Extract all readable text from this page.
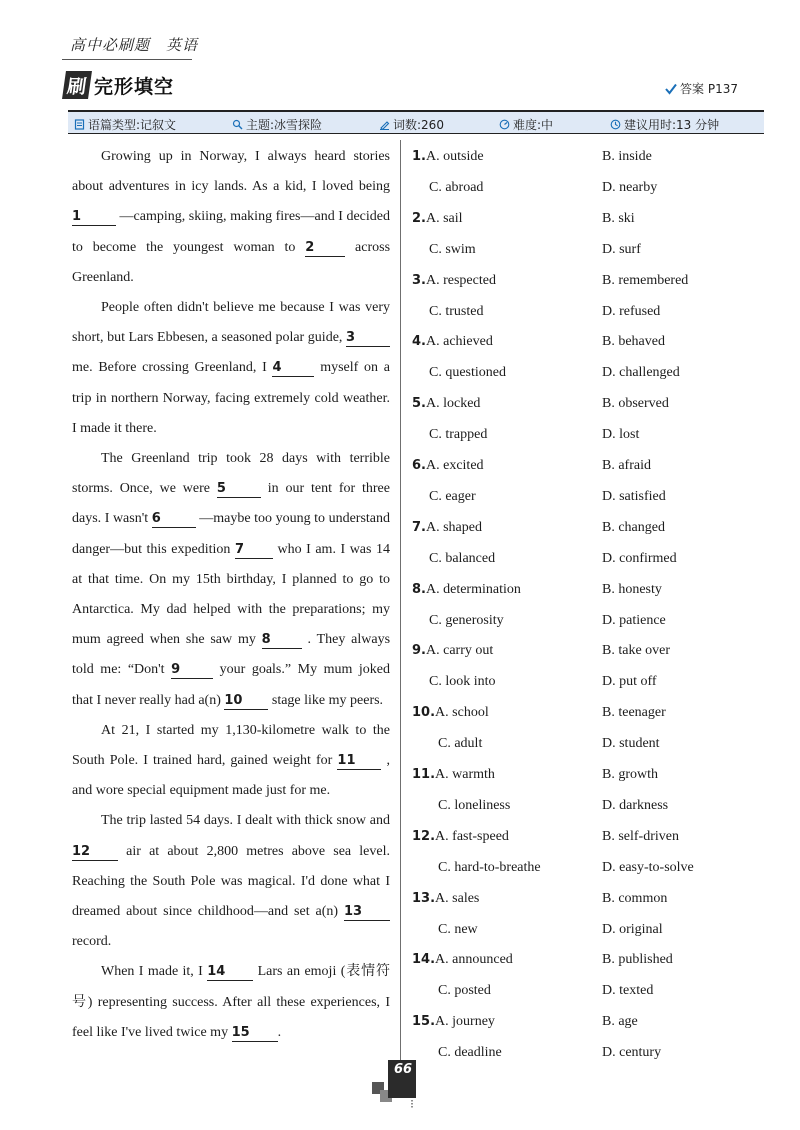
高中必刷题　英语
刷 完形填空	答案 P137
语篇类型:记叙文	主题:冰雪探险	词数:260	难度:中	建议用时:13 分钟

Growing up in Norway, I always heard stories about adventures in icy lands. As a kid, I loved being 1	—camping, skiing, making fires—and I decided to become the youngest woman to 2	across Greenland.

People often didn't believe me because I was very short, but Lars Ebbesen, a seasoned polar guide, 3 me. Before crossing Greenland, I 4	myself on a trip in northern Norway, facing extremely cold weather. I made it there.

The Greenland trip took 28 days with terrible storms. Once, we were 5	in our tent for three days. I wasn't 6	—maybe too young to understand danger—but this expedition 7 who I am. I was 14 at that time. On my 15th birthday, I planned to go to Antarctica. My dad helped with the preparations; my mum agreed when she saw my 8	. They always told me: “Don't 9	your goals.” My mum joked that I never really had a(n) 10 stage like my peers.

At 21, I started my 1,130-kilometre walk to the South Pole. I trained hard, gained weight for 11 , and wore special equipment made just for me.

The trip lasted 54 days. I dealt with thick snow and 12	air at about 2,800 metres above sea level. Reaching the South Pole was magical. I'd done what I dreamed about since childhood—and set a(n) 13 record.

When I made it, I 14 Lars an emoji (表情符号) representing success. After all these experiences, I feel like I've lived twice my 15 .

1.A. outside	B. inside
C. abroad	D. nearby
2.A. sail	B. ski
C. swim	D. surf
3.A. respected	B. remembered
C. trusted	D. refused
4.A. achieved	B. behaved
C. questioned	D. challenged
5.A. locked	B. observed
C. trapped	D. lost
6.A. excited	B. afraid
C. eager	D. satisfied
7.A. shaped	B. changed
C. balanced	D. confirmed
8.A. determination	B. honesty
C. generosity	D. patience
9.A. carry out	B. take over
C. look into	D. put off
10.A. school	B. teenager
C. adult	D. student
11.A. warmth	B. growth
C. loneliness	D. darkness
12.A. fast-speed	B. self-driven
C. hard-to-breathe	D. easy-to-solve
13.A. sales	B. common
C. new	D. original
14.A. announced	B. published
C. posted	D. texted
15.A. journey	B. age
C. deadline	D. century
66
